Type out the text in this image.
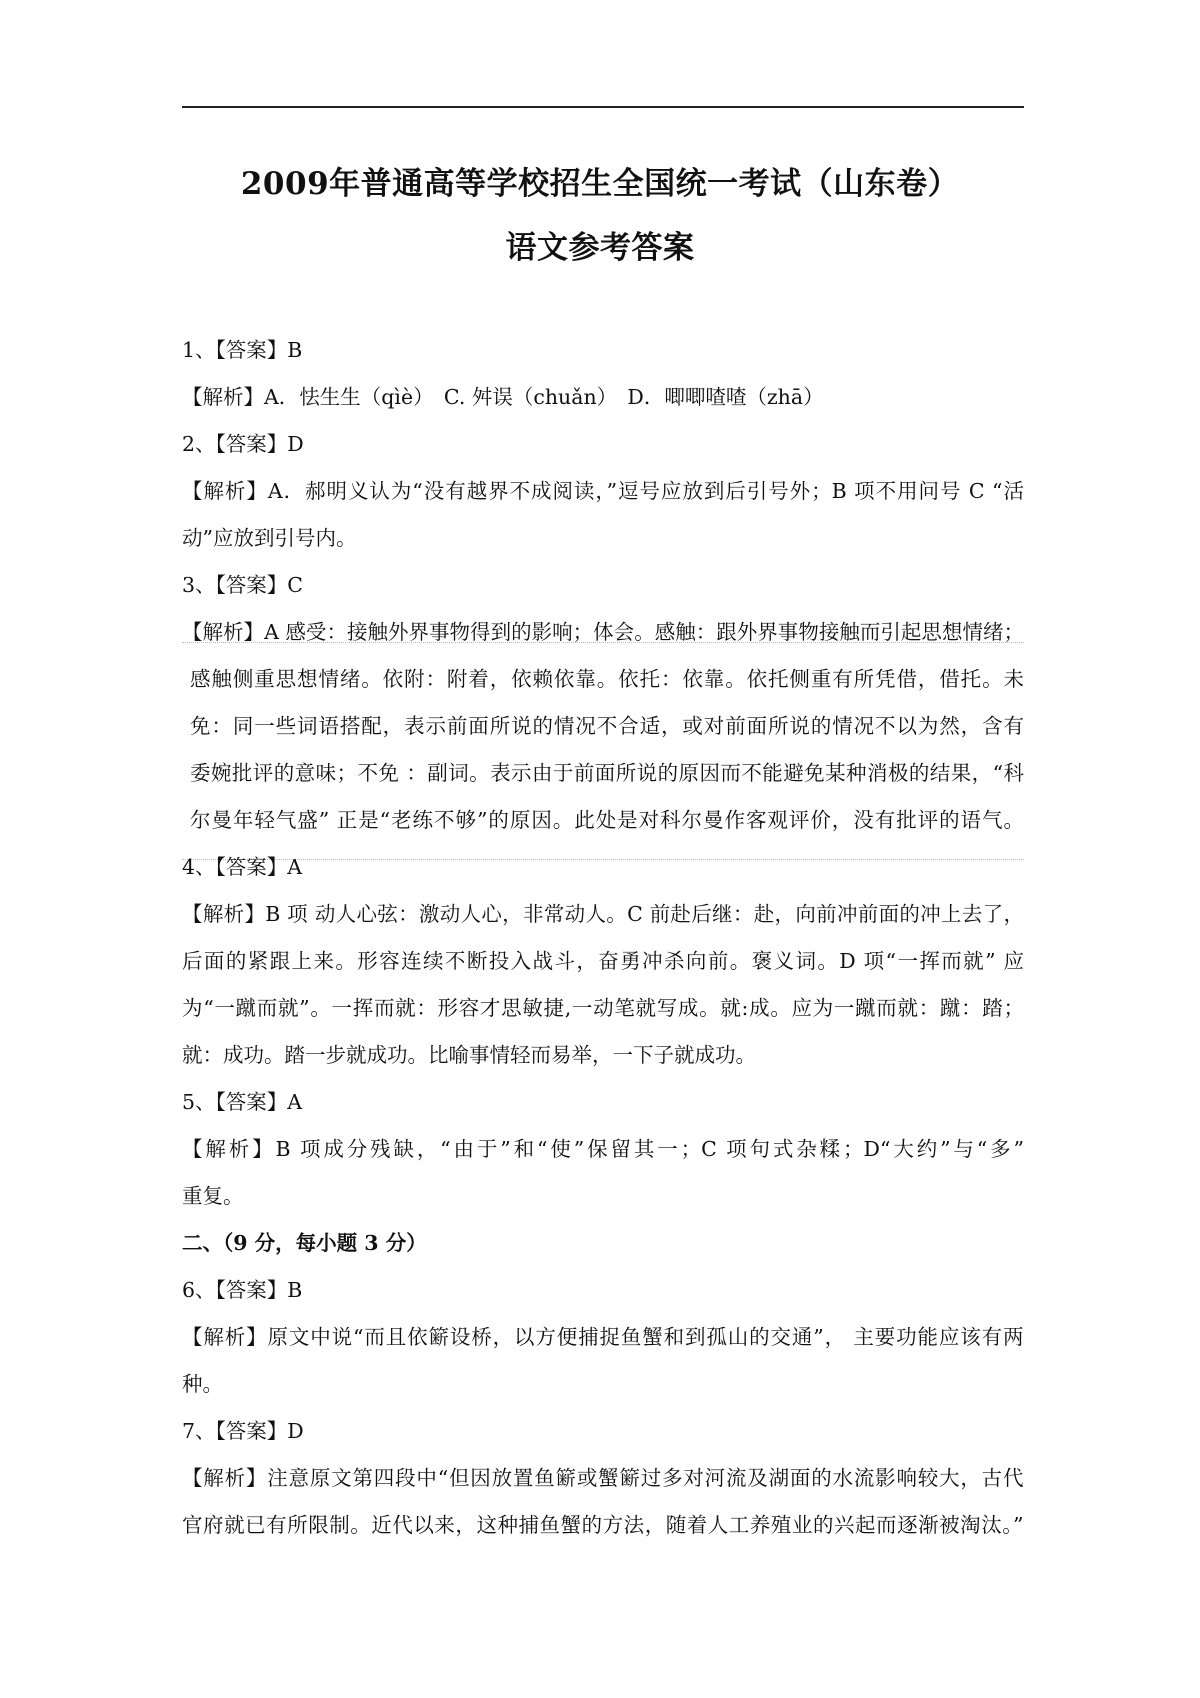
2009年普通高等学校招生全国统一考试（山东卷）
语文参考答案
1、【答案】B
【解析】A．怯生生（qìè）　C. 舛误（chuǎn）　D．唧唧喳喳（zhā）
2、【答案】D
【解析】A．郝明义认为“没有越界不成阅读，”逗号应放到后引号外；B 项不用问号 C “活
动”应放到引号内。
3、【答案】C
【解析】A 感受：接触外界事物得到的影响；体会。感触：跟外界事物接触而引起思想情绪；
感触侧重思想情绪。依附：附着，依赖依靠。依托：依靠。依托侧重有所凭借，借托。未
免：同一些词语搭配，表示前面所说的情况不合适，或对前面所说的情况不以为然，含有
委婉批评的意味；不免 ：副词。表示由于前面所说的原因而不能避免某种消极的结果，“科
尔曼年轻气盛” 正是“老练不够”的原因。此处是对科尔曼作客观评价，没有批评的语气。
4、【答案】A
【解析】B 项 动人心弦：激动人心，非常动人。C 前赴后继：赴，向前冲前面的冲上去了，
后面的紧跟上来。形容连续不断投入战斗，奋勇冲杀向前。褒义词。D 项“一挥而就” 应
为“一蹴而就”。一挥而就：形容才思敏捷,一动笔就写成。就:成。应为一蹴而就：蹴：踏；
就：成功。踏一步就成功。比喻事情轻而易举，一下子就成功。
5、【答案】A
【解析】B 项成分残缺，“由于”和“使”保留其一；C 项句式杂糅；D“大约”与“多”
重复。
二、（9 分，每小题 3 分）
6、【答案】B
【解析】原文中说“而且依簖设桥，以方便捕捉鱼蟹和到孤山的交通”， 主要功能应该有两
种。
7、【答案】D
【解析】注意原文第四段中“但因放置鱼簖或蟹簖过多对河流及湖面的水流影响较大，古代
官府就已有所限制。近代以来，这种捕鱼蟹的方法，随着人工养殖业的兴起而逐渐被淘汰。”
